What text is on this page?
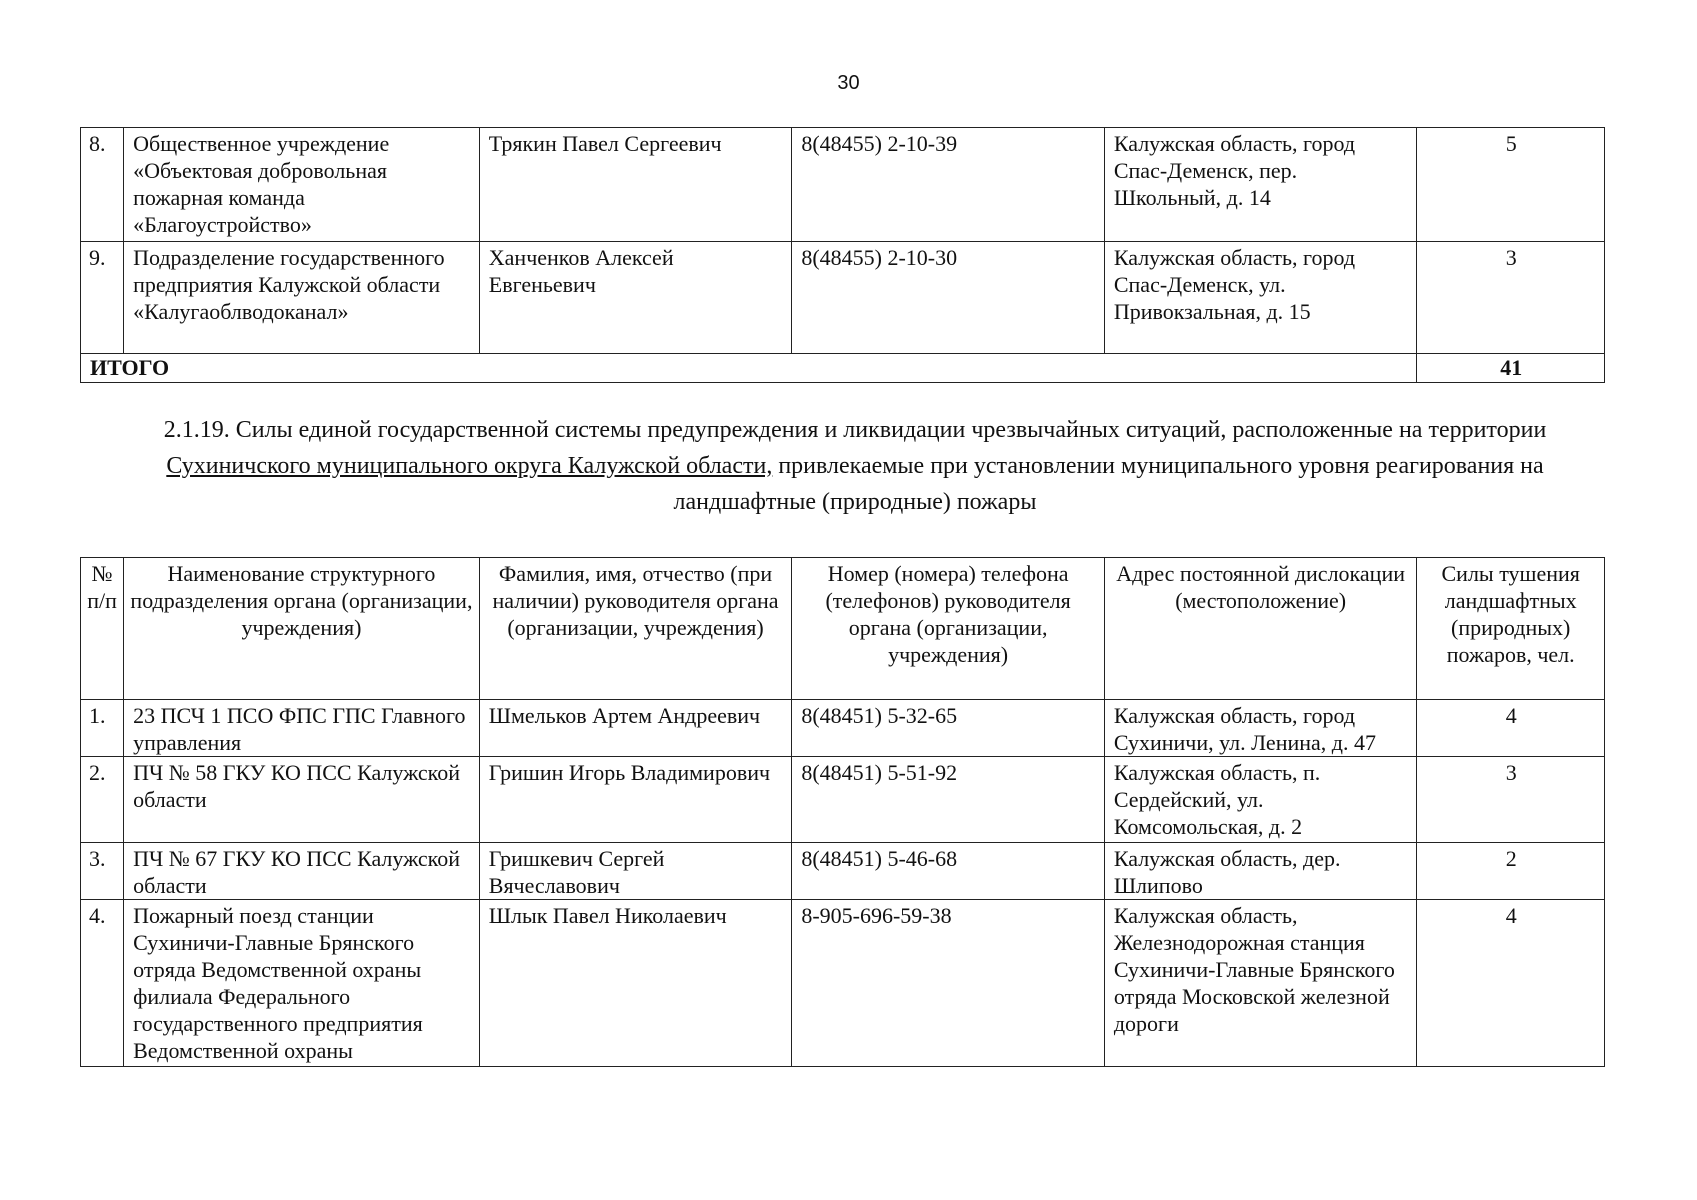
30
8.	Общественное учреждение «Объектовая добровольная пожарная команда «Благоустройство»	Трякин Павел Сергеевич	8(48455) 2-10-39	Калужская область, город Спас-Деменск, пер. Школьный, д. 14	5
9.	Подразделение государственного предприятия Калужской области «Калугаоблводоканал»	Ханченков Алексей Евгеньевич	8(48455) 2-10-30	Калужская область, город Спас-Деменск, ул. Привокзальная, д. 15	3
ИТОГО					41
2.1.19. Силы единой государственной системы предупреждения и ликвидации чрезвычайных ситуаций, расположенные на территории Сухиничского муниципального округа Калужской области, привлекаемые при установлении муниципального уровня реагирования на ландшафтные (природные) пожары
№ п/п	Наименование структурного подразделения органа (организации, учреждения)	Фамилия, имя, отчество (при наличии) руководителя органа (организации, учреждения)	Номер (номера) телефона (телефонов) руководителя органа (организации, учреждения)	Адрес постоянной дислокации (местоположение)	Силы тушения ландшафтных (природных) пожаров, чел.
1.	23 ПСЧ 1 ПСО ФПС ГПС Главного управления	Шмельков Артем Андреевич	8(48451) 5-32-65	Калужская область, город Сухиничи, ул. Ленина, д. 47	4
2.	ПЧ № 58 ГКУ КО ПСС Калужской области	Гришин Игорь Владимирович	8(48451) 5-51-92	Калужская область, п. Сердейский, ул. Комсомольская, д. 2	3
3.	ПЧ № 67 ГКУ КО ПСС Калужской области	Гришкевич Сергей Вячеславович	8(48451) 5-46-68	Калужская область, дер. Шлипово	2
4.	Пожарный поезд станции Сухиничи-Главные Брянского отряда Ведомственной охраны филиала Федерального государственного предприятия Ведомственной охраны	Шлык Павел Николаевич	8-905-696-59-38	Калужская область, Железнодорожная станция Сухиничи-Главные Брянского отряда Московской железной дороги	4
